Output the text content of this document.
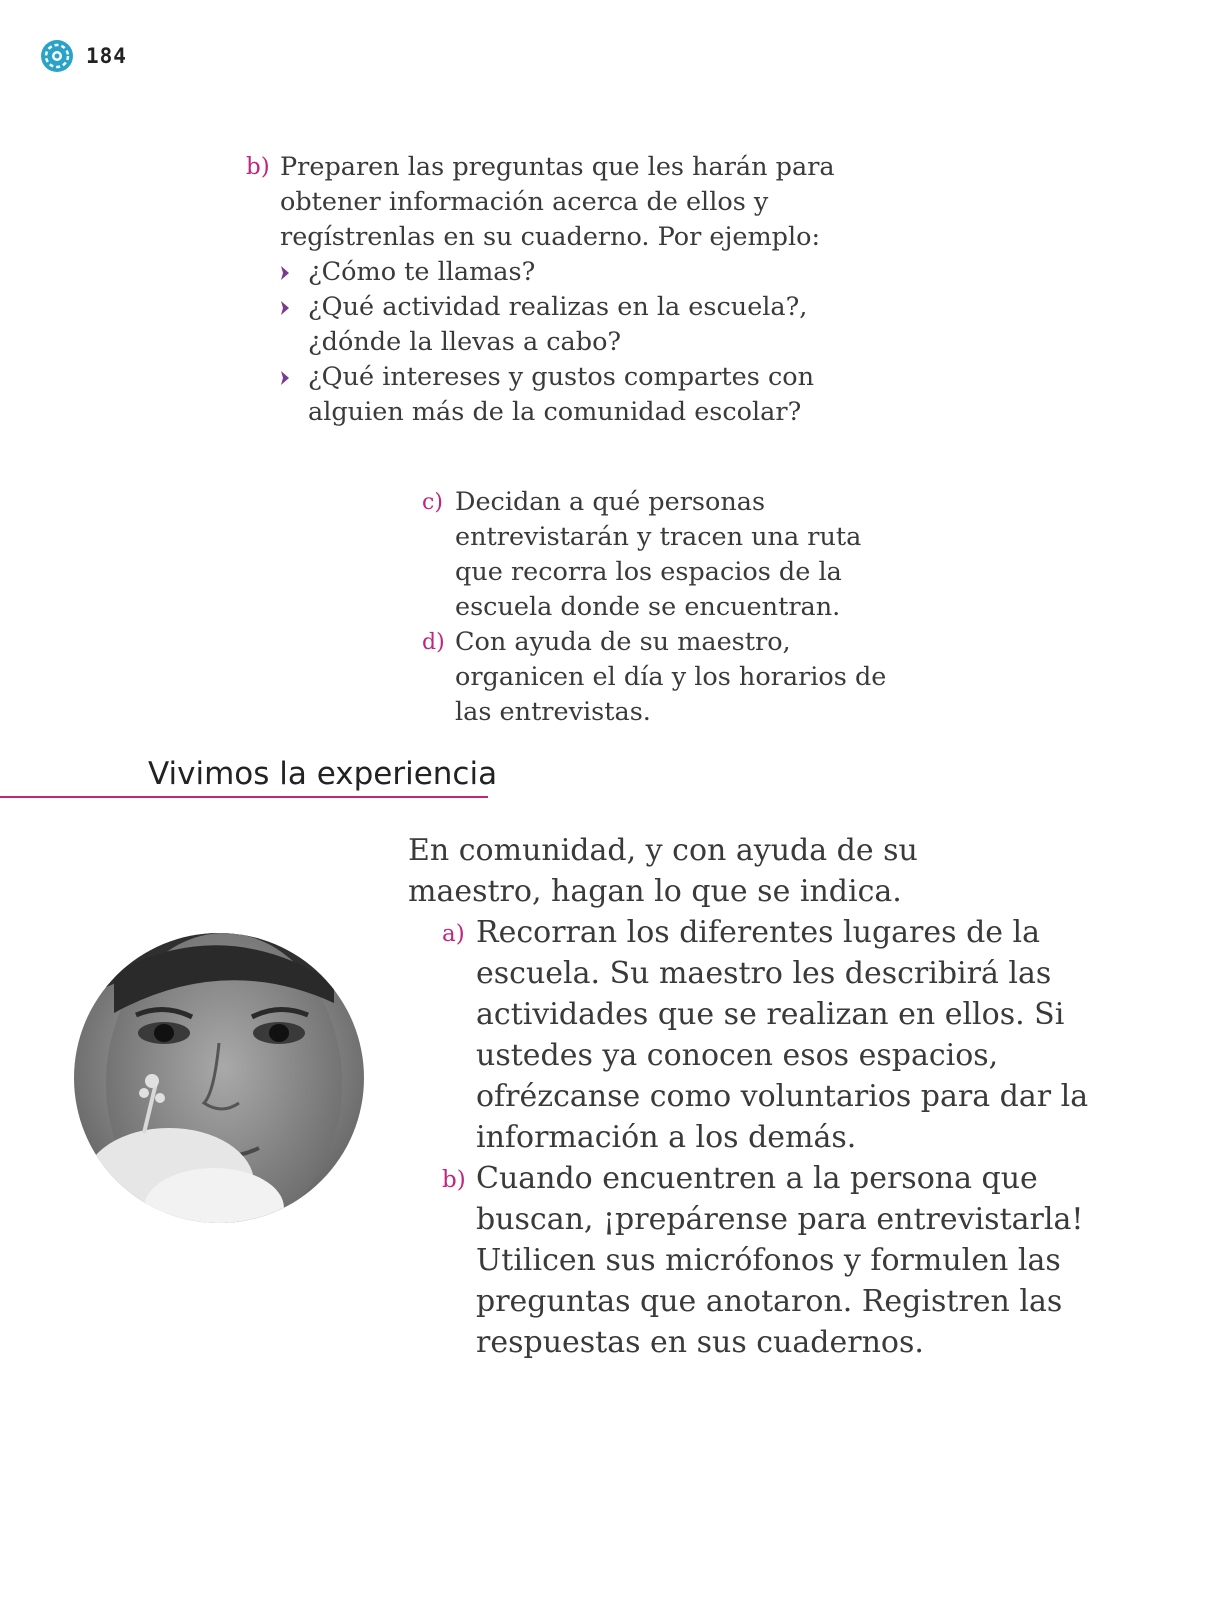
184
b) Preparen las preguntas que les harán para obtener información acerca de ellos y regístrenlas en su cuaderno. Por ejemplo:
¿Cómo te llamas?
¿Qué actividad realizas en la escuela?, ¿dónde la llevas a cabo?
¿Qué intereses y gustos compartes con alguien más de la comunidad escolar?
c) Decidan a qué personas entrevistarán y tracen una ruta que recorra los espacios de la escuela donde se encuentran.
d) Con ayuda de su maestro, organicen el día y los horarios de las entrevistas.
Vivimos la experiencia
En comunidad, y con ayuda de su maestro, hagan lo que se indica.
a) Recorran los diferentes lugares de la escuela. Su maestro les describirá las actividades que se realizan en ellos. Si ustedes ya conocen esos espacios, ofrézcanse como voluntarios para dar la información a los demás.
b) Cuando encuentren a la persona que buscan, ¡prepárense para entrevistarla! Utilicen sus micrófonos y formulen las preguntas que anotaron. Registren las respuestas en sus cuadernos.
